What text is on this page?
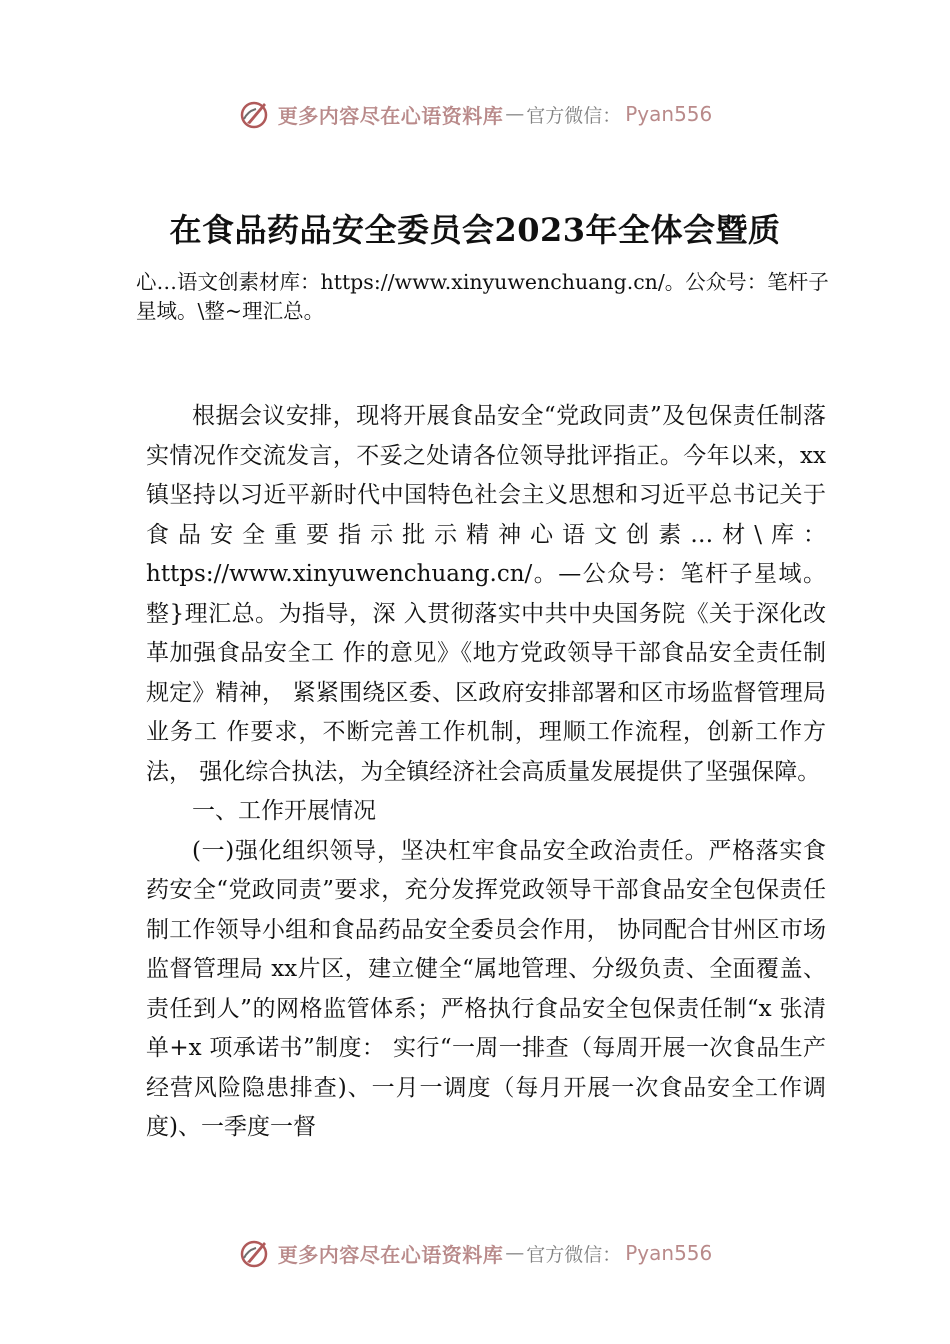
更多内容尽在心语资料库 — 官方微信： Pyan556
在食品药品安全委员会2023年全体会暨质

心…语文创素材库：https://www.xinyuwenchuang.cn/。公众号：笔杆子星域。\整~理汇总。

根据会议安排，现将开展食品安全“党政同责”及包保责任制落实情况作交流发言，不妥之处请各位领导批评指正。今年以来，xx镇坚持以习近平新时代中国特色社会主义思想和习近平总书记关于食品安全重要指示批示精神心语文创素…材\库：https://www.xinyuwenchuang.cn/。—公众号：笔杆子星域。整}理汇总。为指导，深 入贯彻落实中共中央国务院《关于深化改革加强食品安全工 作的意见》《地方党政领导干部食品安全责任制规定》精神， 紧紧围绕区委、区政府安排部署和区市场监督管理局业务工 作要求，不断完善工作机制，理顺工作流程，创新工作方法， 强化综合执法，为全镇经济社会高质量发展提供了坚强保障。

一、工作开展情况

(一)强化组织领导，坚决杠牢食品安全政治责任。严格落实食药安全“党政同责”要求，充分发挥党政领导干部食品安全包保责任制工作领导小组和食品药品安全委员会作用， 协同配合甘州区市场监督管理局 xx片区，建立健全“属地管理、分级负责、全面覆盖、责任到人”的网格监管体系；严格执行食品安全包保责任制“x 张清单+x 项承诺书”制度： 实行“一周一排查（每周开展一次食品生产经营风险隐患排查)、一月一调度（每月开展一次食品安全工作调度)、一季度一督

更多内容尽在心语资料库 — 官方微信： Pyan556
